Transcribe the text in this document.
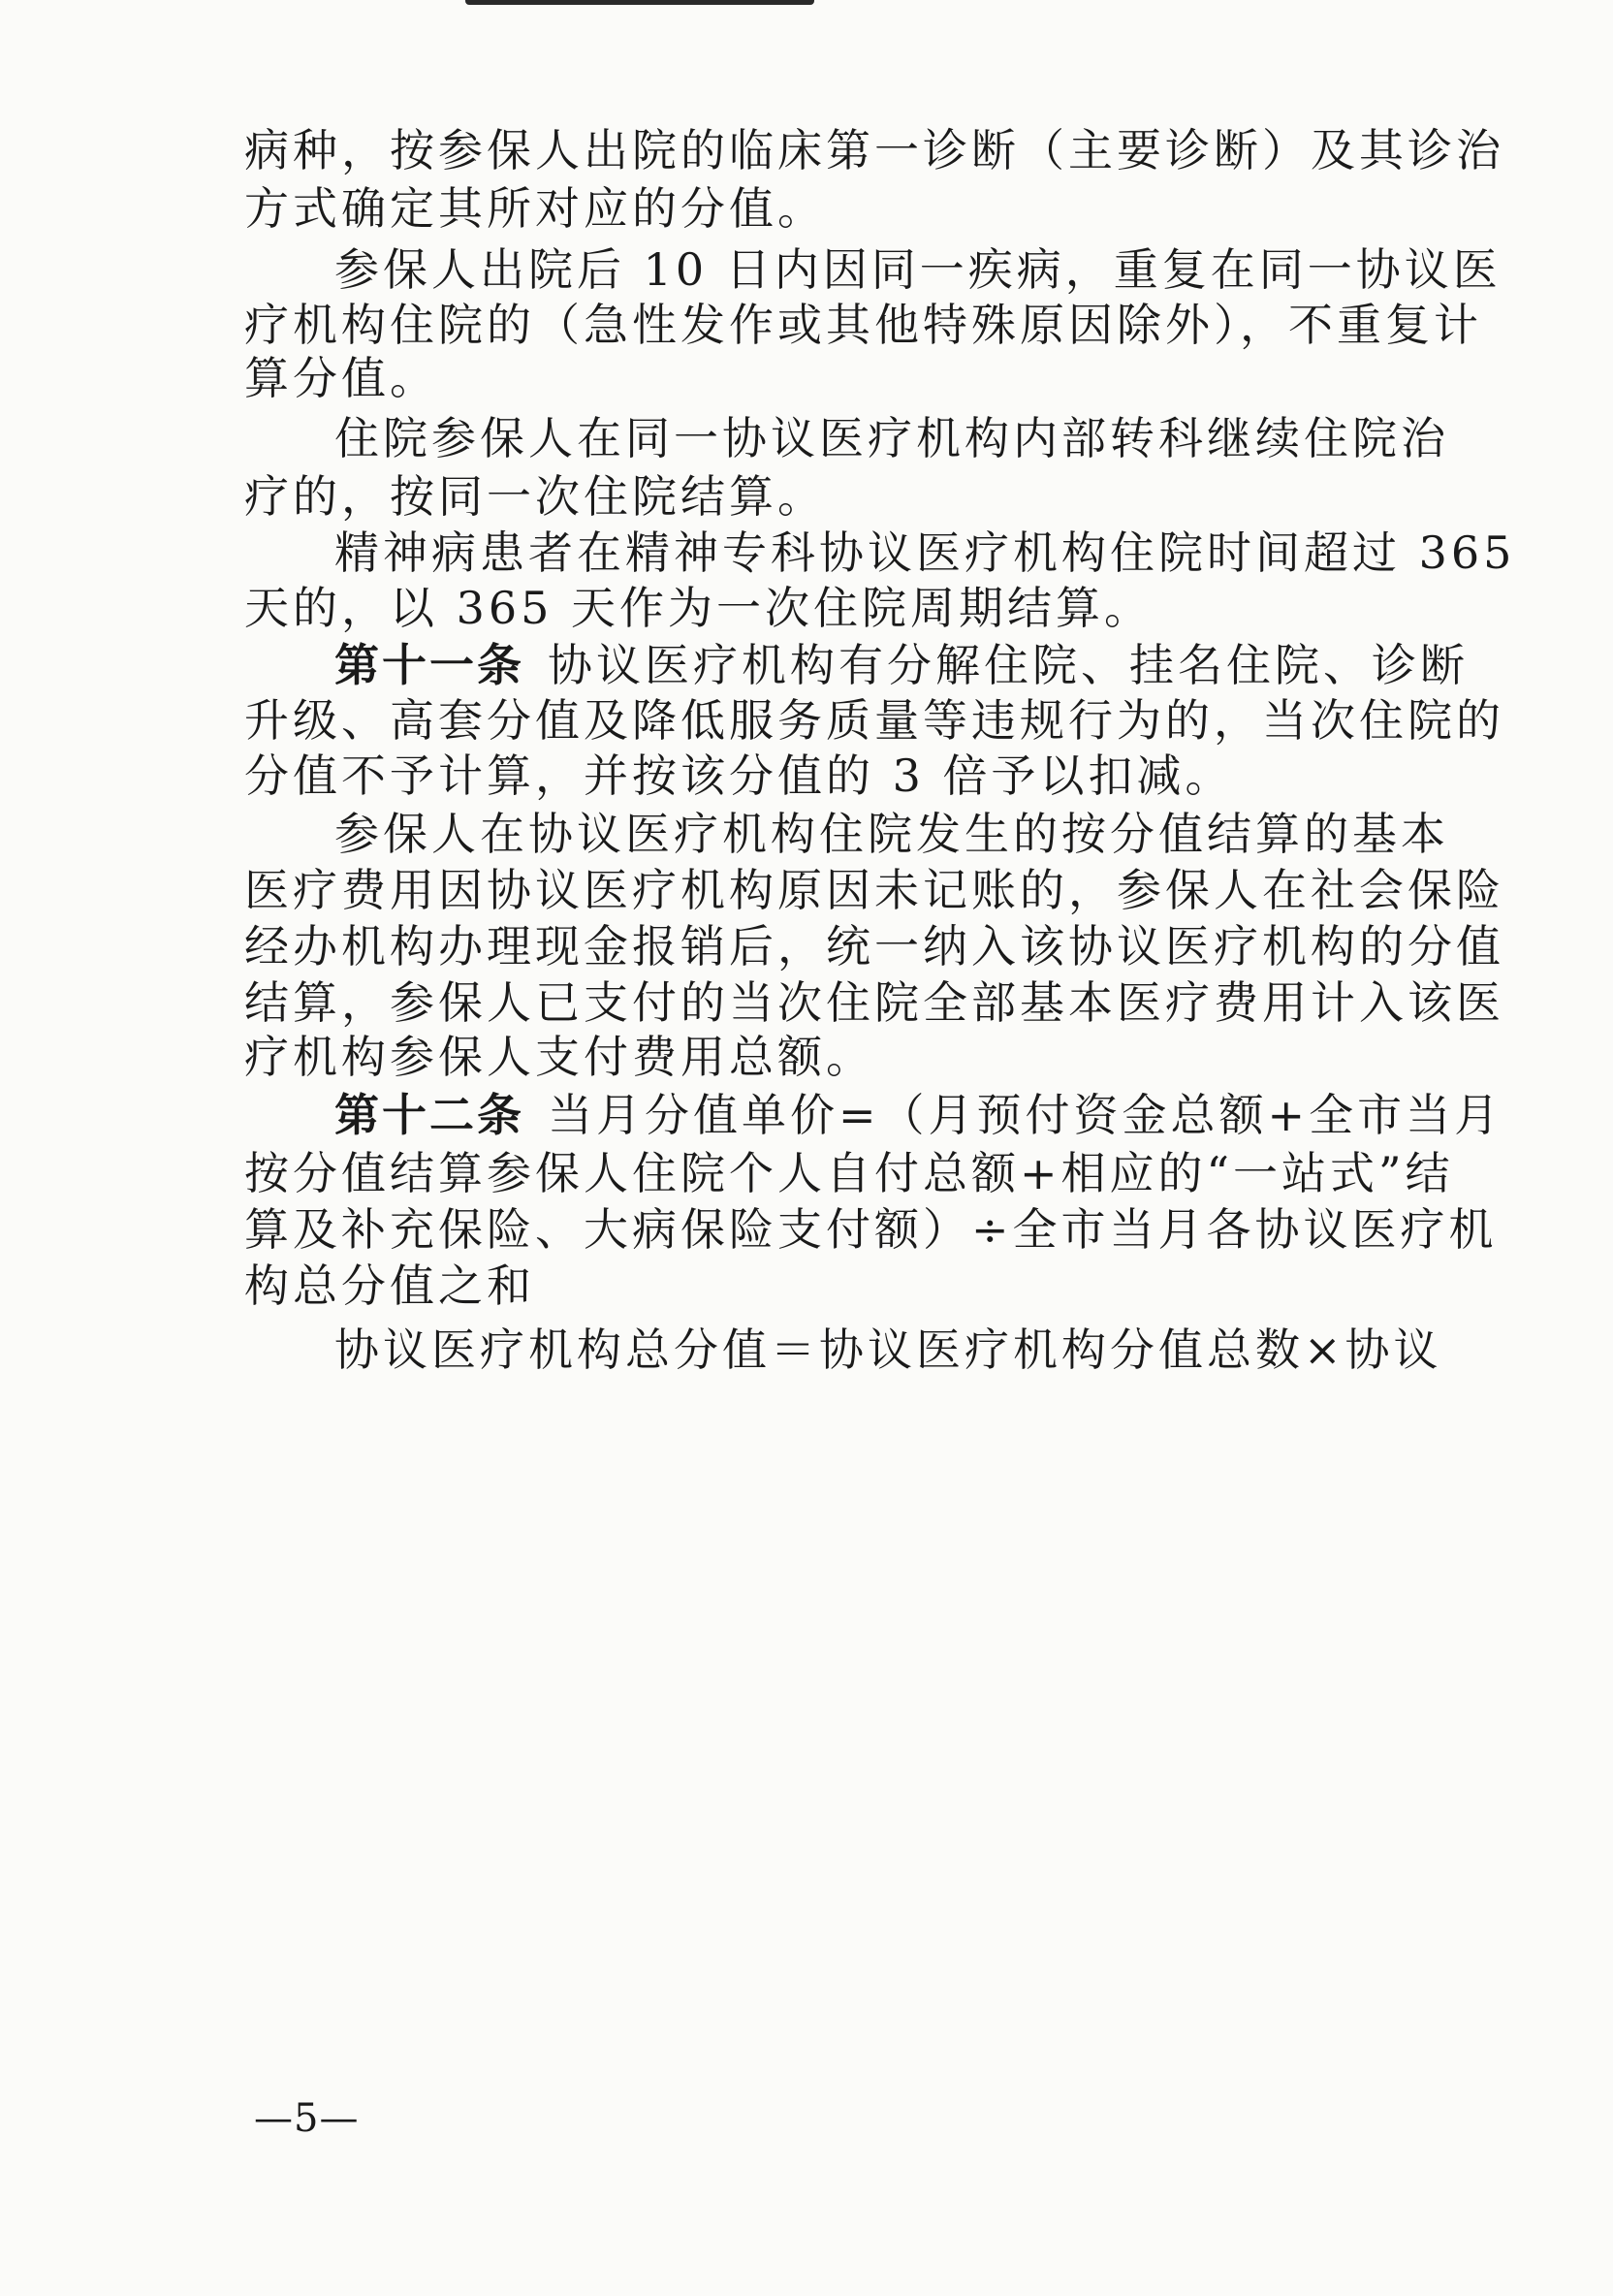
病种，按参保人出院的临床第一诊断（主要诊断）及其诊治
方式确定其所对应的分值。
参保人出院后 10 日内因同一疾病，重复在同一协议医
疗机构住院的（急性发作或其他特殊原因除外），不重复计
算分值。
住院参保人在同一协议医疗机构内部转科继续住院治
疗的，按同一次住院结算。
精神病患者在精神专科协议医疗机构住院时间超过 365
天的，以 365 天作为一次住院周期结算。
第十一条 协议医疗机构有分解住院、挂名住院、诊断
升级、高套分值及降低服务质量等违规行为的，当次住院的
分值不予计算，并按该分值的 3 倍予以扣减。
参保人在协议医疗机构住院发生的按分值结算的基本
医疗费用因协议医疗机构原因未记账的，参保人在社会保险
经办机构办理现金报销后，统一纳入该协议医疗机构的分值
结算，参保人已支付的当次住院全部基本医疗费用计入该医
疗机构参保人支付费用总额。
第十二条 当月分值单价=（月预付资金总额+全市当月
按分值结算参保人住院个人自付总额+相应的“一站式”结
算及补充保险、大病保险支付额）÷全市当月各协议医疗机
构总分值之和
协议医疗机构总分值＝协议医疗机构分值总数×协议
—5—
